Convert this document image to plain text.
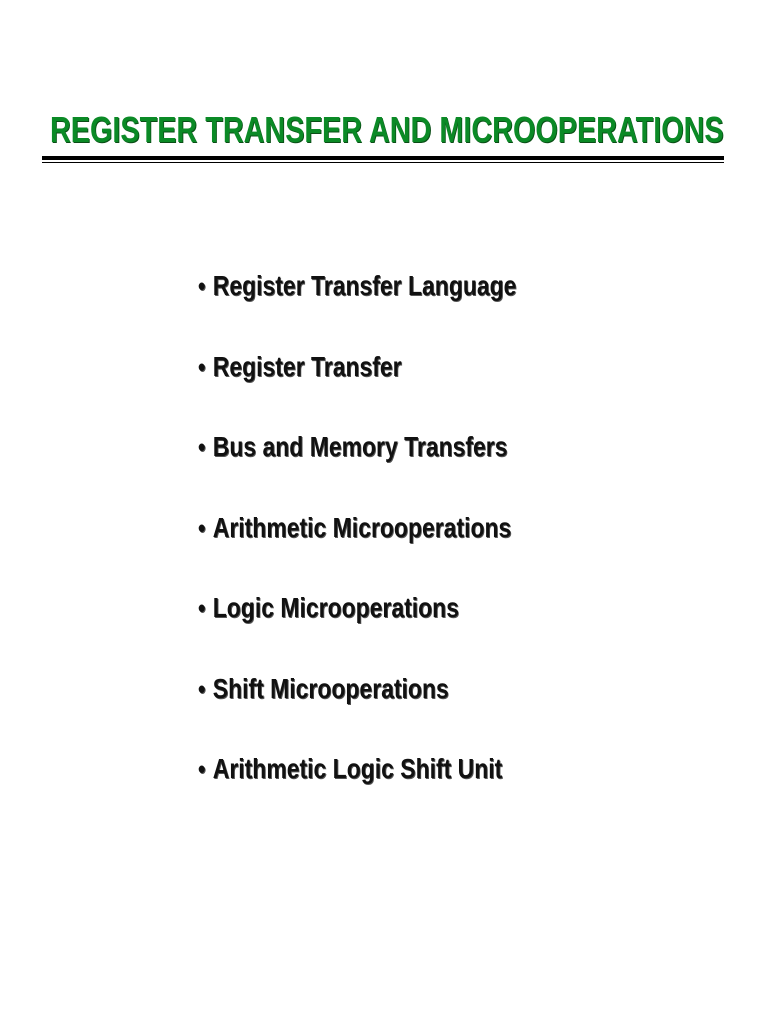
REGISTER TRANSFER AND MICROOPERATIONS
• Register Transfer Language
• Register Transfer
• Bus and Memory Transfers
• Arithmetic Microoperations
• Logic Microoperations
• Shift Microoperations
• Arithmetic Logic Shift Unit
